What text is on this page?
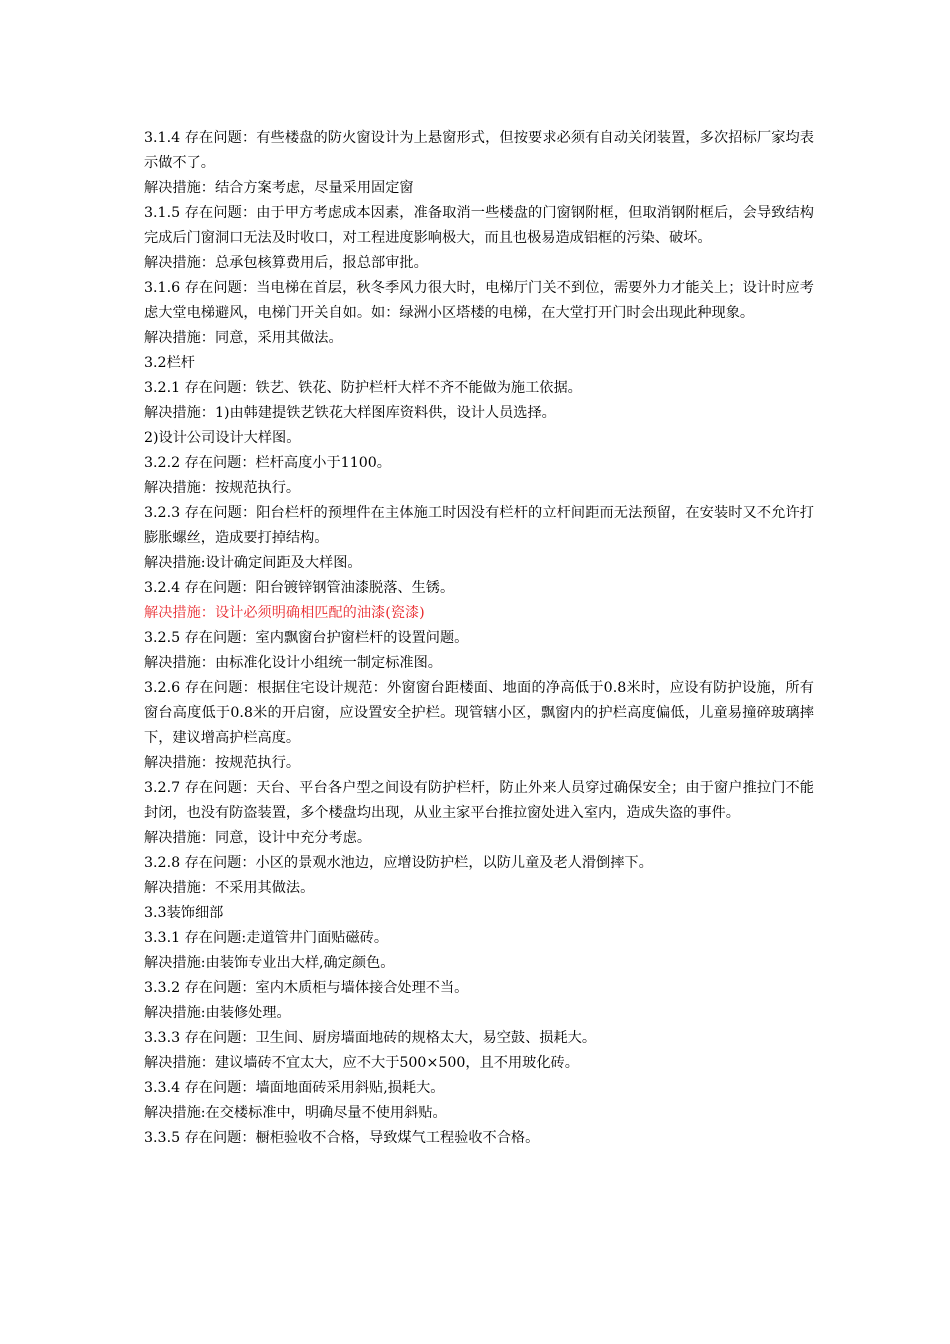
3.1.4 存在问题：有些楼盘的防火窗设计为上悬窗形式，但按要求必须有自动关闭装置，多次招标厂家均表示做不了。

解决措施：结合方案考虑，尽量采用固定窗

3.1.5 存在问题：由于甲方考虑成本因素，准备取消一些楼盘的门窗钢附框，但取消钢附框后，会导致结构完成后门窗洞口无法及时收口，对工程进度影响极大，而且也极易造成铝框的污染、破坏。

解决措施：总承包核算费用后，报总部审批。

3.1.6 存在问题：当电梯在首层，秋冬季风力很大时，电梯厅门关不到位，需要外力才能关上；设计时应考虑大堂电梯避风，电梯门开关自如。如：绿洲小区塔楼的电梯，在大堂打开门时会出现此种现象。

解决措施：同意，采用其做法。

3.2栏杆

3.2.1 存在问题：铁艺、铁花、防护栏杆大样不齐不能做为施工依据。

解决措施：1)由韩建提铁艺铁花大样图库资料供，设计人员选择。

2)设计公司设计大样图。

3.2.2 存在问题：栏杆高度小于1100。

解决措施：按规范执行。

3.2.3 存在问题：阳台栏杆的预埋件在主体施工时因没有栏杆的立杆间距而无法预留，在安装时又不允许打膨胀螺丝，造成要打掉结构。

解决措施:设计确定间距及大样图。

3.2.4 存在问题：阳台镀锌钢管油漆脱落、生锈。

解决措施：设计必须明确相匹配的油漆(瓷漆)

3.2.5 存在问题：室内飘窗台护窗栏杆的设置问题。

解决措施：由标准化设计小组统一制定标准图。

3.2.6 存在问题：根据住宅设计规范：外窗窗台距楼面、地面的净高低于0.8米时，应设有防护设施，所有窗台高度低于0.8米的开启窗，应设置安全护栏。现管辖小区，飘窗内的护栏高度偏低，儿童易撞碎玻璃摔下，建议增高护栏高度。

解决措施：按规范执行。

3.2.7 存在问题：天台、平台各户型之间设有防护栏杆，防止外来人员穿过确保安全；由于窗户推拉门不能封闭，也没有防盗装置，多个楼盘均出现，从业主家平台推拉窗处进入室内，造成失盗的事件。

解决措施：同意，设计中充分考虑。

3.2.8 存在问题：小区的景观水池边，应增设防护栏，以防儿童及老人滑倒摔下。

解决措施：不采用其做法。

3.3装饰细部

3.3.1 存在问题:走道管井门面贴磁砖。

解决措施:由装饰专业出大样,确定颜色。

3.3.2 存在问题：室内木质柜与墙体接合处理不当。

解决措施:由装修处理。

3.3.3 存在问题：卫生间、厨房墙面地砖的规格太大，易空鼓、损耗大。

解决措施：建议墙砖不宜太大，应不大于500×500，且不用玻化砖。

3.3.4 存在问题：墙面地面砖采用斜贴,损耗大。

解决措施:在交楼标准中，明确尽量不使用斜贴。

3.3.5 存在问题：橱柜验收不合格，导致煤气工程验收不合格。
